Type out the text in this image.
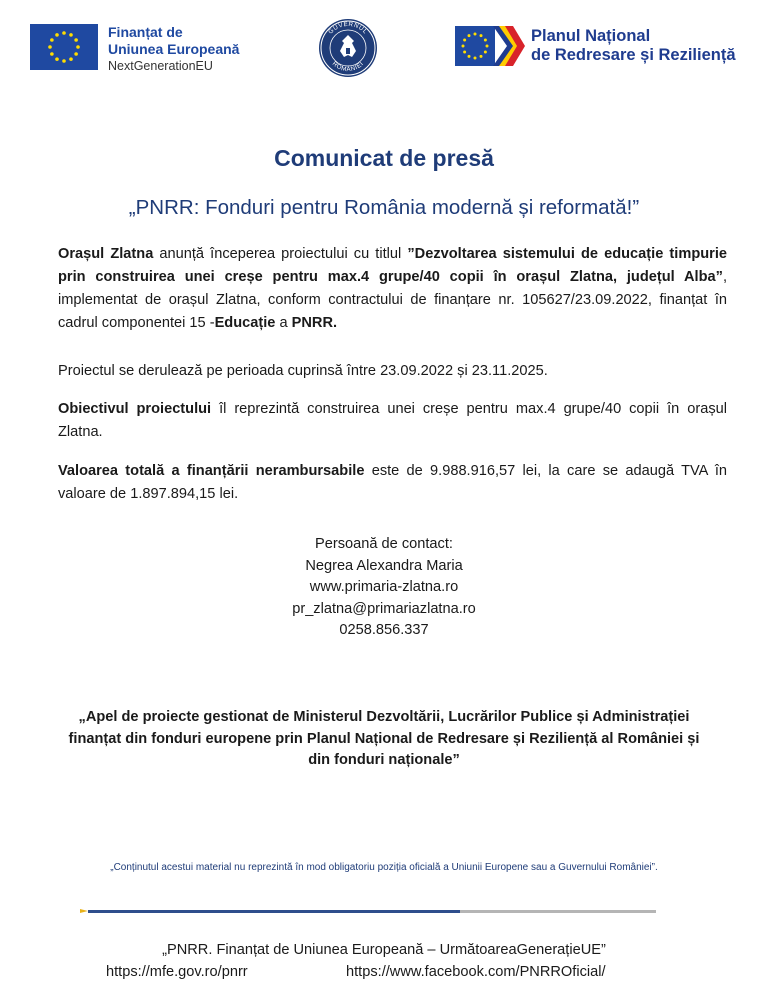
Finanțat de
Uniunea Europeană
NextGenerationEU
GUVERNUL
ROMÂNIEI
Planul Național
de Redresare și Reziliență
Comunicat de presă
„PNRR: Fonduri pentru România modernă și reformată!”
Orașul Zlatna anunță începerea proiectului cu titlul ”Dezvoltarea sistemului de educație timpurie prin construirea unei creșe pentru max.4 grupe/40 copii în orașul Zlatna, județul Alba”, implementat de orașul Zlatna, conform contractului de finanțare nr. 105627/23.09.2022, finanțat în cadrul componentei 15 -Educație a PNRR.
Proiectul se derulează pe perioada cuprinsă între 23.09.2022 și 23.11.2025.
Obiectivul proiectului îl reprezintă construirea unei creșe pentru max.4 grupe/40 copii în orașul Zlatna.
Valoarea totală a finanțării nerambursabile este de 9.988.916,57 lei, la care se adaugă TVA în valoare de 1.897.894,15 lei.
Persoană de contact:
Negrea Alexandra Maria
www.primaria-zlatna.ro
pr_zlatna@primariazlatna.ro
0258.856.337
„Apel de proiecte gestionat de Ministerul Dezvoltării, Lucrărilor Publice și Administrației finanțat din fonduri europene prin Planul Național de Redresare și Reziliență al României și din fonduri naționale”
„Conținutul acestui material nu reprezintă în mod obligatoriu poziția oficială a Uniunii Europene sau a Guvernului României”.
„PNRR. Finanțat de Uniunea Europeană – UrmătoareaGenerațieUE”
https://mfe.gov.ro/pnrr	https://www.facebook.com/PNRROficial/
